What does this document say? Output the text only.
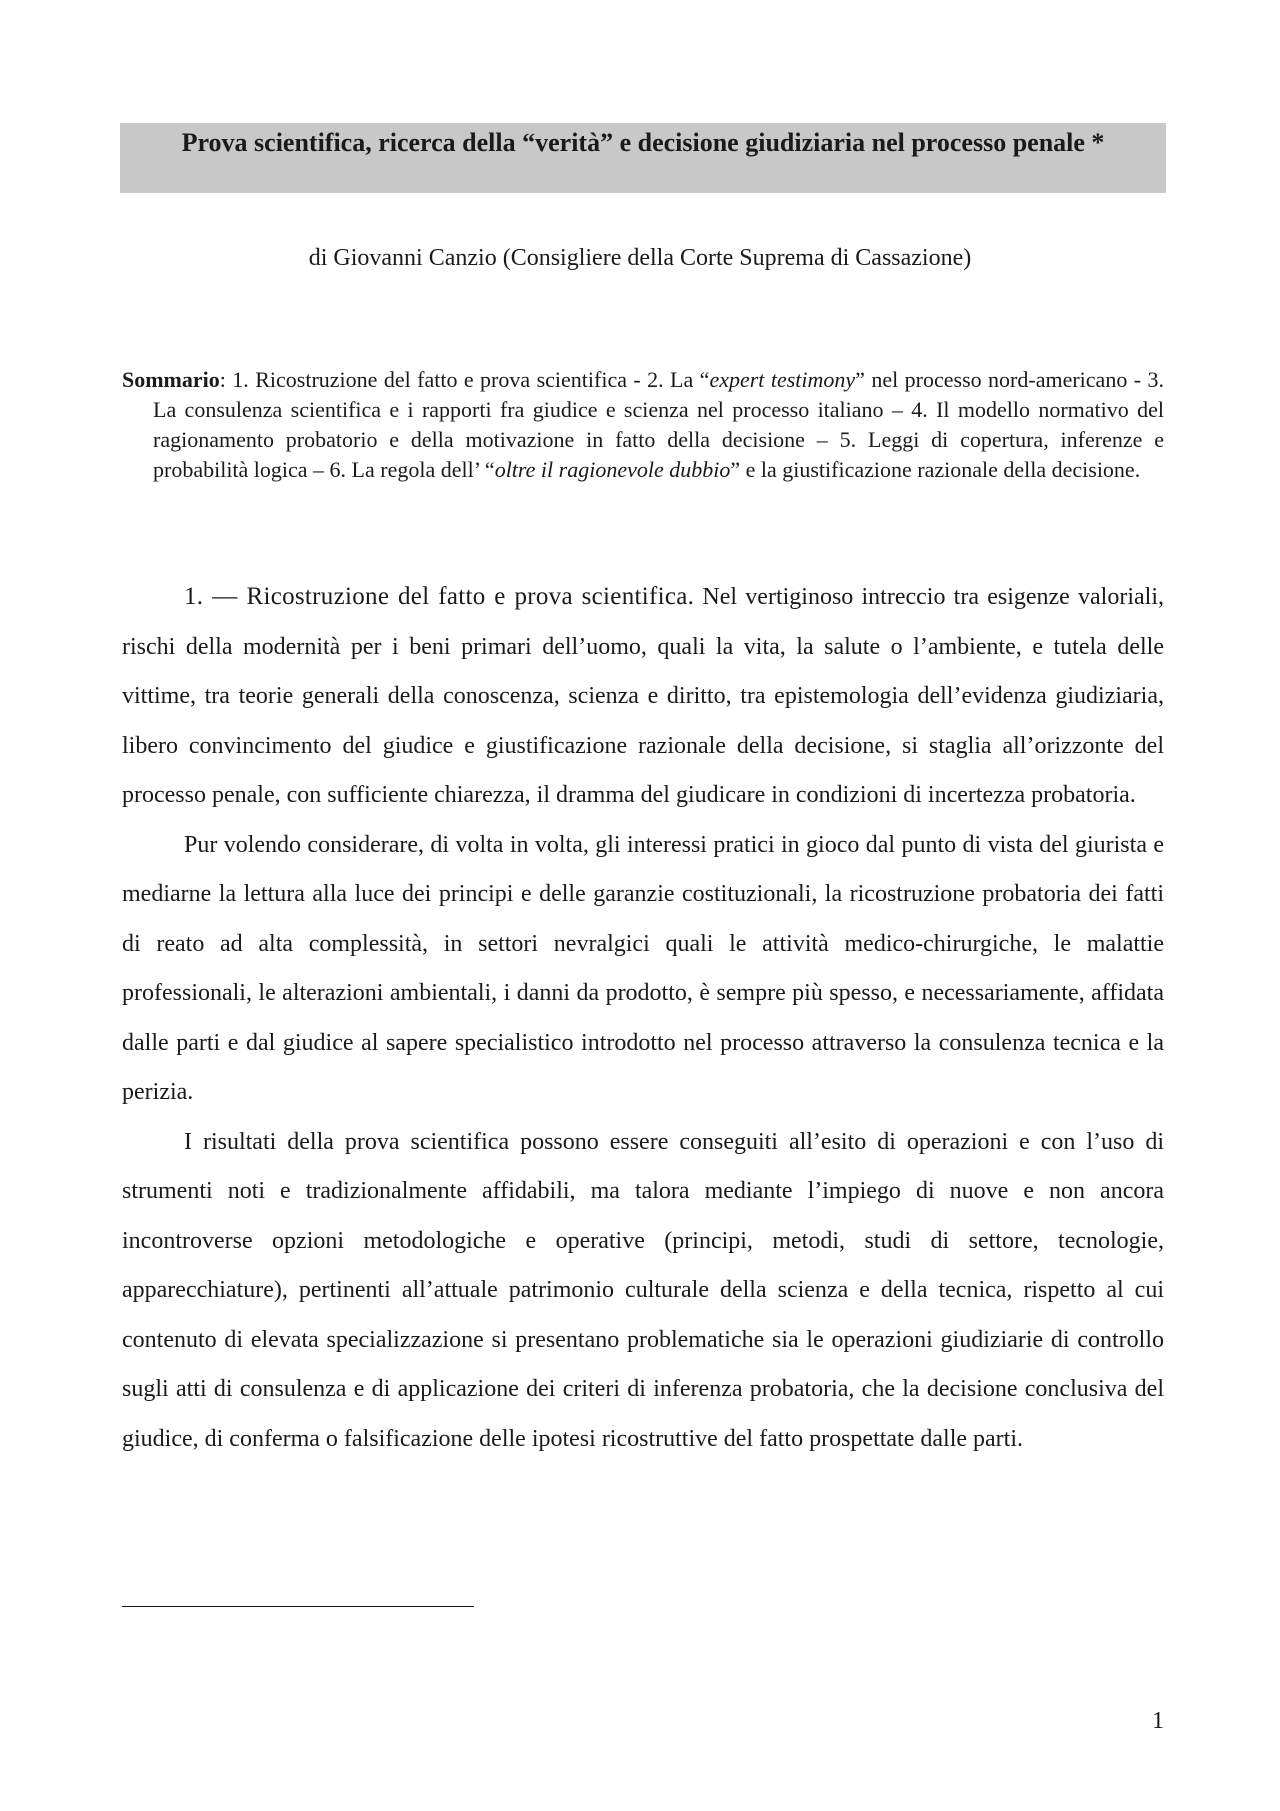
Prova scientifica, ricerca della “verità” e decisione giudiziaria nel processo penale *
di Giovanni Canzio (Consigliere della Corte Suprema di Cassazione)
Sommario: 1. Ricostruzione del fatto e prova scientifica - 2. La “expert testimony” nel processo nord-americano - 3. La consulenza scientifica e i rapporti fra giudice e scienza nel processo italiano – 4. Il modello normativo del ragionamento probatorio e della motivazione in fatto della decisione – 5. Leggi di copertura, inferenze e probabilità logica – 6. La regola dell’ “oltre il ragionevole dubbio” e la giustificazione razionale della decisione.

1. –– Ricostruzione del fatto e prova scientifica. Nel vertiginoso intreccio tra esigenze valoriali, rischi della modernità per i beni primari dell’uomo, quali la vita, la salute o l’ambiente, e tutela delle vittime, tra teorie generali della conoscenza, scienza e diritto, tra epistemologia dell’evidenza giudiziaria, libero convincimento del giudice e giustificazione razionale della decisione, si staglia all’orizzonte del processo penale, con sufficiente chiarezza, il dramma del giudicare in condizioni di incertezza probatoria.

Pur volendo considerare, di volta in volta, gli interessi pratici in gioco dal punto di vista del giurista e mediarne la lettura alla luce dei principi e delle garanzie costituzionali, la ricostruzione probatoria dei fatti di reato ad alta complessità, in settori nevralgici quali le attività medico-chirurgiche, le malattie professionali, le alterazioni ambientali, i danni da prodotto, è sempre più spesso, e necessariamente, affidata dalle parti e dal giudice al sapere specialistico introdotto nel processo attraverso la consulenza tecnica e la perizia.

I risultati della prova scientifica possono essere conseguiti all’esito di operazioni e con l’uso di strumenti noti e tradizionalmente affidabili, ma talora mediante l’impiego di nuove e non ancora incontroverse opzioni metodologiche e operative (principi, metodi, studi di settore, tecnologie, apparecchiature), pertinenti all’attuale patrimonio culturale della scienza e della tecnica, rispetto al cui contenuto di elevata specializzazione si presentano problematiche sia le operazioni giudiziarie di controllo sugli atti di consulenza e di applicazione dei criteri di inferenza probatoria, che la decisione conclusiva del giudice, di conferma o falsificazione delle ipotesi ricostruttive del fatto prospettate dalle parti.

1
